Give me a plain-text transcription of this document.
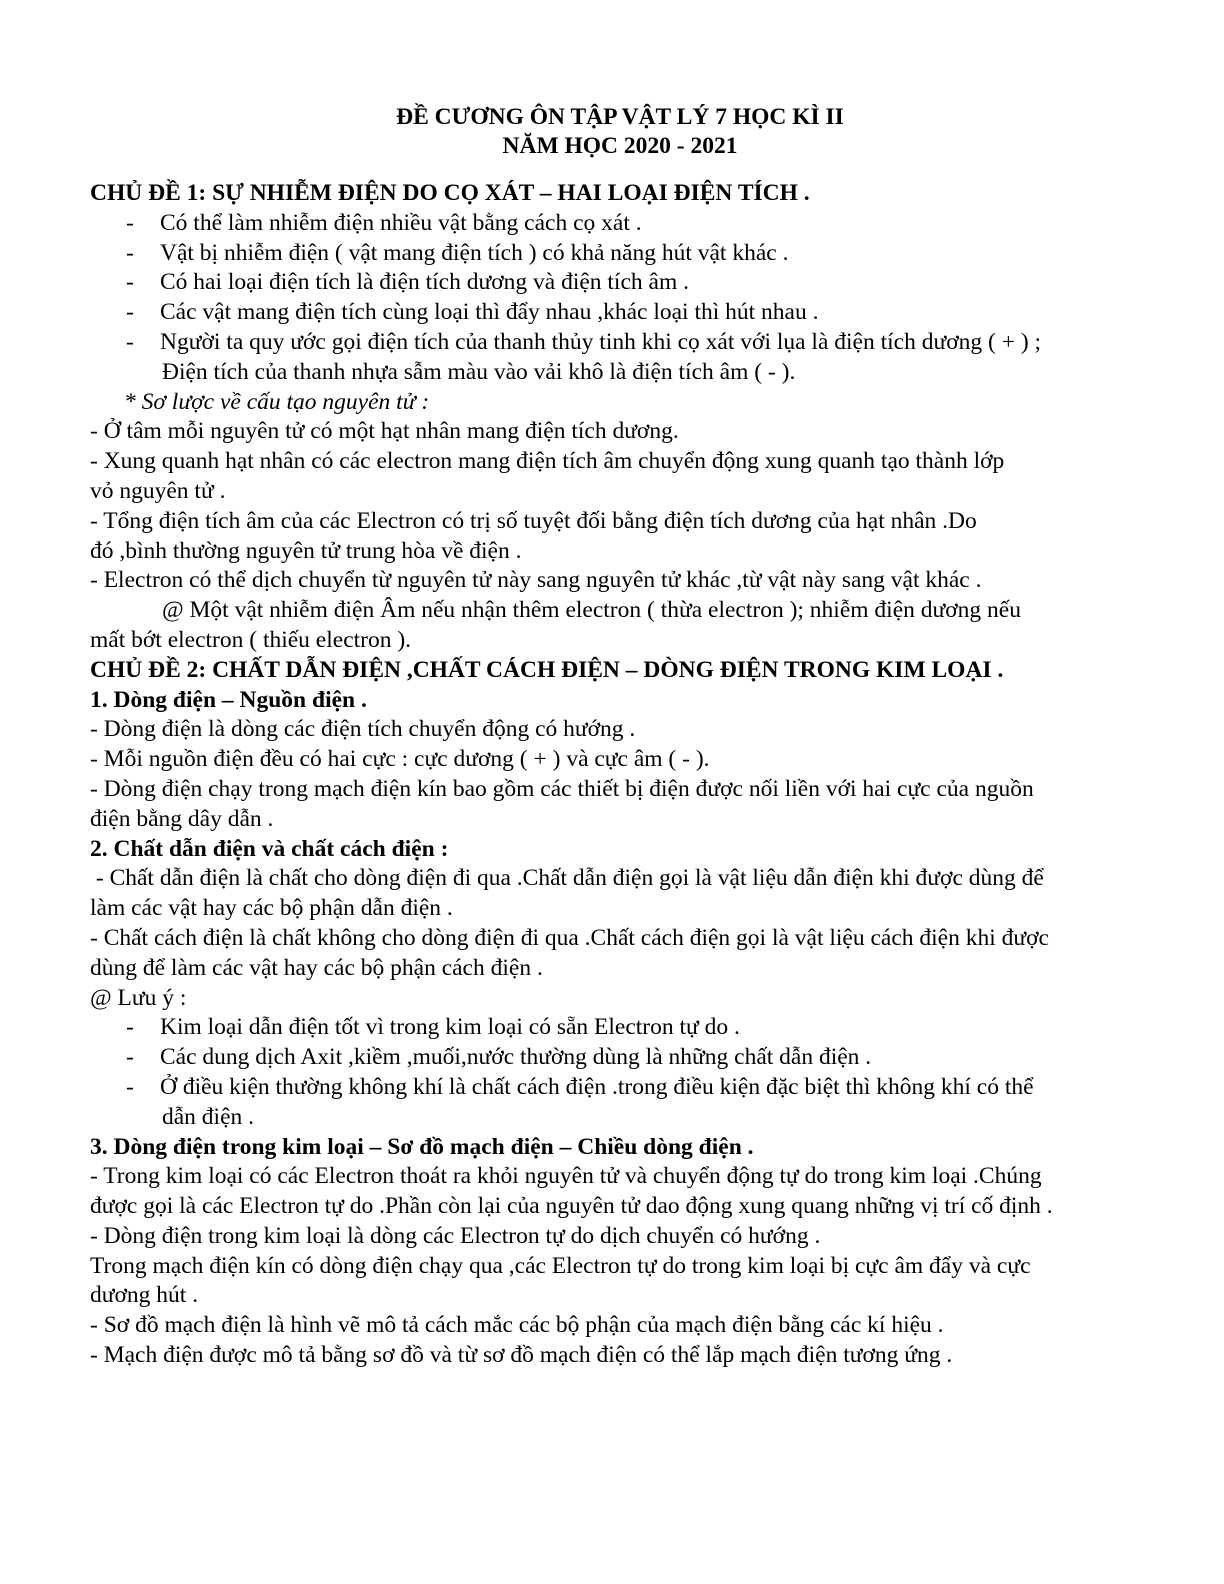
ĐỀ CƯƠNG ÔN TẬP VẬT LÝ 7 HỌC KÌ II
NĂM HỌC 2020 - 2021
CHỦ ĐỀ 1: SỰ NHIỄM ĐIỆN DO CỌ XÁT – HAI LOẠI ĐIỆN TÍCH .
- Có thể làm nhiễm điện nhiều vật bằng cách cọ xát .
- Vật bị nhiễm điện ( vật mang điện tích ) có khả năng hút vật khác .
- Có hai loại điện tích là điện tích dương và điện tích âm .
- Các vật mang điện tích cùng loại thì đẩy nhau ,khác loại thì hút nhau .
- Người ta quy ước gọi điện tích của thanh thủy tinh khi cọ xát với lụa là điện tích dương ( + ) ;
Điện tích của thanh nhựa sẫm màu vào vải khô là điện tích âm ( - ).
* Sơ lược về cấu tạo nguyên tử :
- Ở tâm mỗi nguyên tử có một hạt nhân mang điện tích dương.
- Xung quanh hạt nhân có các electron mang điện tích âm chuyển động xung quanh tạo thành lớp
vỏ nguyên tử .
- Tổng điện tích âm của các Electron có trị số tuyệt đối bằng điện tích dương của hạt nhân .Do
đó ,bình thường nguyên tử trung hòa về điện .
- Electron có thể dịch chuyển từ nguyên tử này sang nguyên tử khác ,từ vật này sang vật khác .
@ Một vật nhiễm điện Âm nếu nhận thêm electron ( thừa electron ); nhiễm điện dương nếu
mất bớt electron ( thiếu electron ).
CHỦ ĐỀ 2: CHẤT DẪN ĐIỆN ,CHẤT CÁCH ĐIỆN – DÒNG ĐIỆN TRONG KIM LOẠI .
1. Dòng điện – Nguồn điện .
- Dòng điện là dòng các điện tích chuyển động có hướng .
- Mỗi nguồn điện đều có hai cực : cực dương ( + ) và cực âm ( - ).
- Dòng điện chạy trong mạch điện kín bao gồm các thiết bị điện được nối liền với hai cực của nguồn
điện bằng dây dẫn .
2. Chất dẫn điện và chất cách điện :
- Chất dẫn điện là chất cho dòng điện đi qua .Chất dẫn điện gọi là vật liệu dẫn điện khi được dùng để
làm các vật hay các bộ phận dẫn điện .
- Chất cách điện là chất không cho dòng điện đi qua .Chất cách điện gọi là vật liệu cách điện khi được
dùng để làm các vật hay các bộ phận cách điện .
@ Lưu ý :
- Kim loại dẫn điện tốt vì trong kim loại có sẵn Electron tự do .
- Các dung dịch Axit ,kiềm ,muối,nước thường dùng là những chất dẫn điện .
- Ở điều kiện thường không khí là chất cách điện .trong điều kiện đặc biệt thì không khí có thể
dẫn điện .
3. Dòng điện trong kim loại – Sơ đồ mạch điện – Chiều dòng điện .
- Trong kim loại có các Electron thoát ra khỏi nguyên tử và chuyển động tự do trong kim loại .Chúng
được gọi là các Electron tự do .Phần còn lại của nguyên tử dao động xung quang những vị trí cố định .
- Dòng điện trong kim loại là dòng các Electron tự do dịch chuyển có hướng .
Trong mạch điện kín có dòng điện chạy qua ,các Electron tự do trong kim loại bị cực âm đẩy và cực
dương hút .
- Sơ đồ mạch điện là hình vẽ mô tả cách mắc các bộ phận của mạch điện bằng các kí hiệu .
- Mạch điện được mô tả bằng sơ đồ và từ sơ đồ mạch điện có thể lắp mạch điện tương ứng .
